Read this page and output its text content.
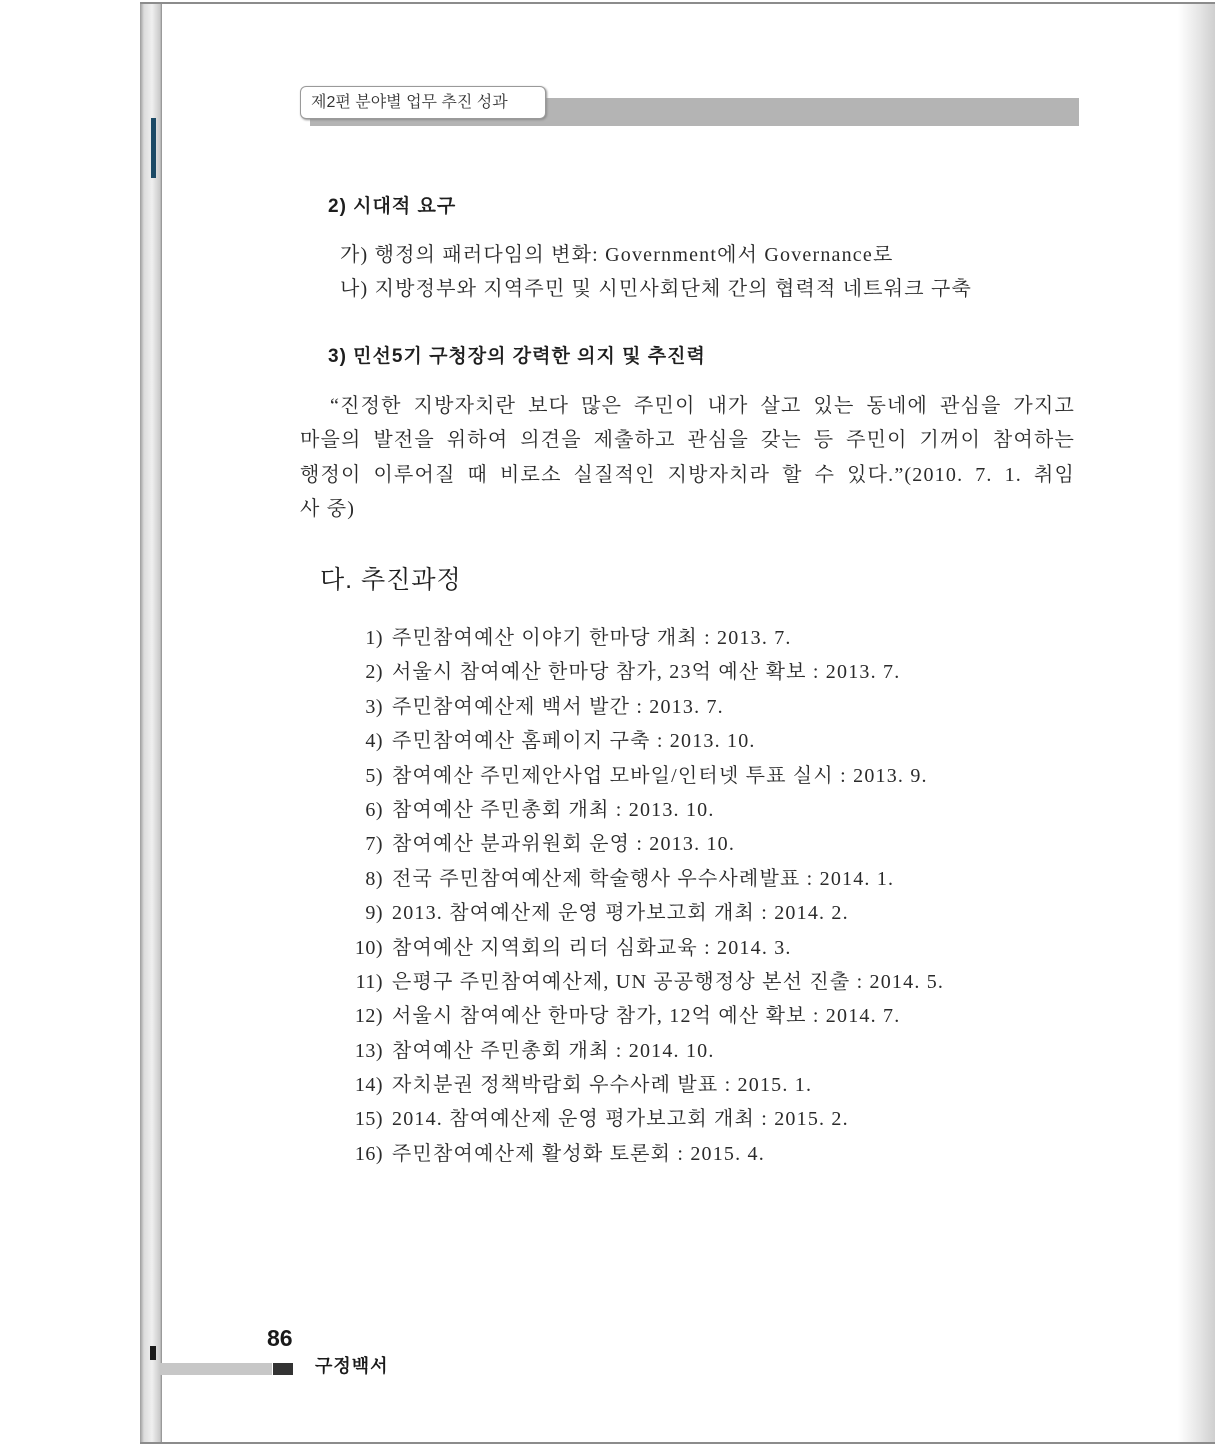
제2편 분야별 업무 추진 성과
2) 시대적 요구
가) 행정의 패러다임의 변화: Government에서 Governance로
나) 지방정부와 지역주민 및 시민사회단체 간의 협력적 네트워크 구축
3) 민선5기 구청장의 강력한 의지 및 추진력
“진정한 지방자치란 보다 많은 주민이 내가 살고 있는 동네에 관심을 가지고
마을의 발전을 위하여 의견을 제출하고 관심을 갖는 등 주민이 기꺼이 참여하는
행정이 이루어질 때 비로소 실질적인 지방자치라 할 수 있다.”(2010. 7. 1. 취임
사 중)
다. 추진과정
1) 주민참여예산 이야기 한마당 개최 : 2013. 7.
2) 서울시 참여예산 한마당 참가, 23억 예산 확보 : 2013. 7.
3) 주민참여예산제 백서 발간 : 2013. 7.
4) 주민참여예산 홈페이지 구축 : 2013. 10.
5) 참여예산 주민제안사업 모바일/인터넷 투표 실시 : 2013. 9.
6) 참여예산 주민총회 개최 : 2013. 10.
7) 참여예산 분과위원회 운영 : 2013. 10.
8) 전국 주민참여예산제 학술행사 우수사례발표 : 2014. 1.
9) 2013. 참여예산제 운영 평가보고회 개최 : 2014. 2.
10) 참여예산 지역회의 리더 심화교육 : 2014. 3.
11) 은평구 주민참여예산제, UN 공공행정상 본선 진출 : 2014. 5.
12) 서울시 참여예산 한마당 참가, 12억 예산 확보 : 2014. 7.
13) 참여예산 주민총회 개최 : 2014. 10.
14) 자치분권 정책박람회 우수사례 발표 : 2015. 1.
15) 2014. 참여예산제 운영 평가보고회 개최 : 2015. 2.
16) 주민참여예산제 활성화 토론회 : 2015. 4.
86
구정백서
